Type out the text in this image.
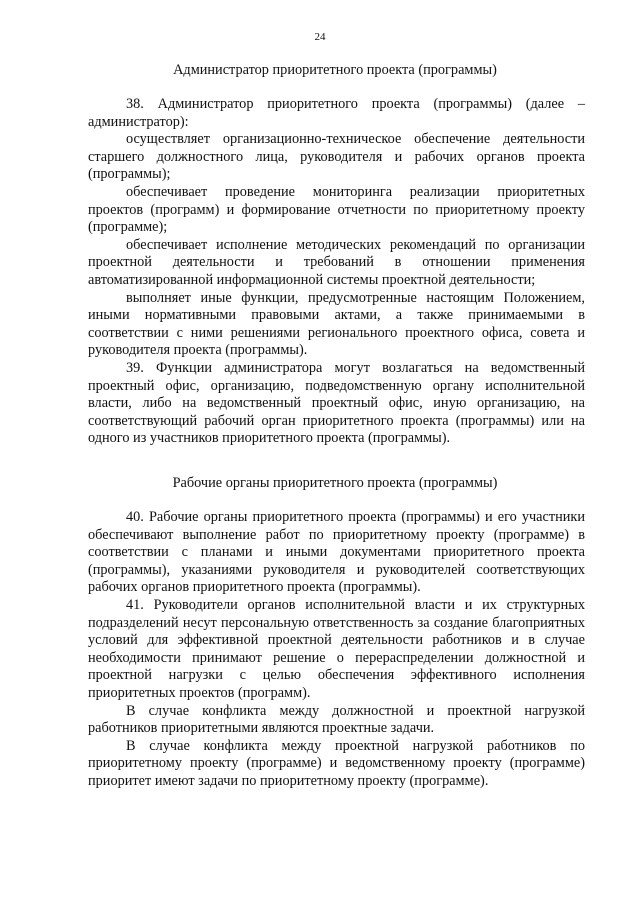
24
Администратор приоритетного проекта (программы)

38. Администратор приоритетного проекта (программы) (далее – администратор):

осуществляет организационно-техническое обеспечение деятельности старшего должностного лица, руководителя и рабочих органов проекта (программы);

обеспечивает проведение мониторинга реализации приоритетных проектов (программ) и формирование отчетности по приоритетному проекту (программе);

обеспечивает исполнение методических рекомендаций по организации проектной деятельности и требований в отношении применения автоматизированной информационной системы проектной деятельности;

выполняет иные функции, предусмотренные настоящим Положением, иными нормативными правовыми актами, а также принимаемыми в соответствии с ними решениями регионального проектного офиса, совета и руководителя проекта (программы).

39. Функции администратора могут возлагаться на ведомственный проектный офис, организацию, подведомственную органу исполнительной власти, либо на ведомственный проектный офис, иную организацию, на соответствующий рабочий орган приоритетного проекта (программы) или на одного из участников приоритетного проекта (программы).

Рабочие органы приоритетного проекта (программы)

40. Рабочие органы приоритетного проекта (программы) и его участники обеспечивают выполнение работ по приоритетному проекту (программе) в соответствии с планами и иными документами приоритетного проекта (программы), указаниями руководителя и руководителей соответствующих рабочих органов приоритетного проекта (программы).

41. Руководители органов исполнительной власти и их структурных подразделений несут персональную ответственность за создание благоприятных условий для эффективной проектной деятельности работников и в случае необходимости принимают решение о перераспределении должностной и проектной нагрузки с целью обеспечения эффективного исполнения приоритетных проектов (программ).

В случае конфликта между должностной и проектной нагрузкой работников приоритетными являются проектные задачи.

В случае конфликта между проектной нагрузкой работников по приоритетному проекту (программе) и ведомственному проекту (программе) приоритет имеют задачи по приоритетному проекту (программе).
